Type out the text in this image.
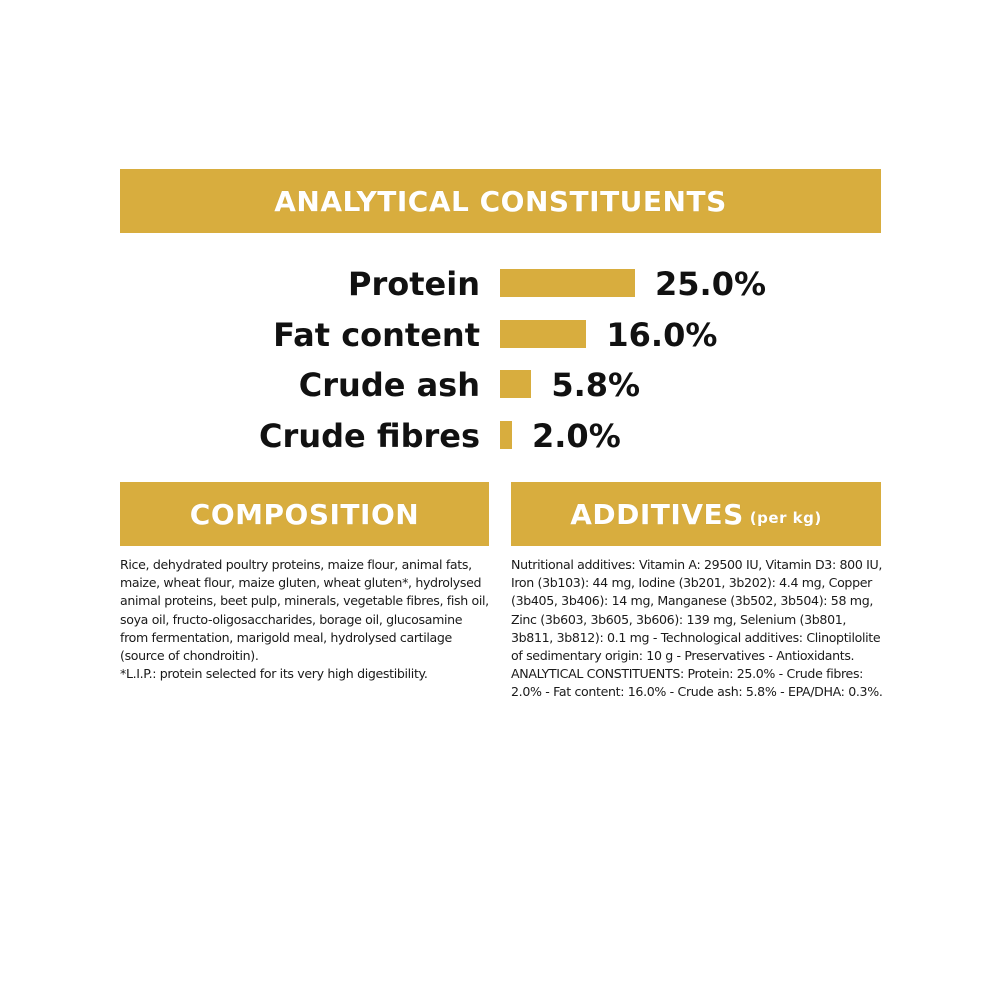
ANALYTICAL CONSTITUENTS
Protein	25.0%
Fat content	16.0%
Crude ash 5.8%
Crude fibres 2.0%
COMPOSITION	ADDITIVES (per kg)

Rice, dehydrated poultry proteins, maize flour, animal fats, maize, wheat flour, maize gluten, wheat gluten*, hydrolysed animal proteins, beet pulp, minerals, vegetable fibres, fish oil, soya oil, fructo-oligosaccharides, borage oil, glucosamine from fermentation, marigold meal, hydrolysed cartilage (source of chondroitin).

*L.I.P.: protein selected for its very high digestibility.

Nutritional additives: Vitamin A: 29500 IU, Vitamin D3: 800 IU, Iron (3b103): 44 mg, Iodine (3b201, 3b202): 4.4 mg, Copper (3b405, 3b406): 14 mg, Manganese (3b502, 3b504): 58 mg, Zinc (3b603, 3b605, 3b606): 139 mg, Selenium (3b801, 3b811, 3b812): 0.1 mg - Technological additives: Clinoptilolite of sedimentary origin: 10 g - Preservatives - Antioxidants.

ANALYTICAL CONSTITUENTS: Protein: 25.0% - Crude fibres: 2.0% - Fat content: 16.0% - Crude ash: 5.8% - EPA/DHA: 0.3%.
